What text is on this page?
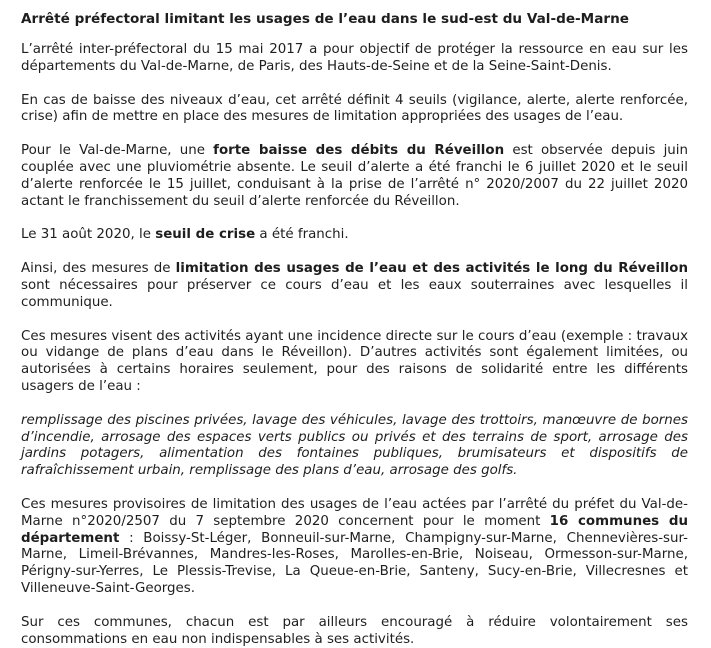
Arrêté préfectoral limitant les usages de l’eau dans le sud-est du Val-de-Marne

L’arrêté inter-préfectoral du 15 mai 2017 a pour objectif de protéger la ressource en eau sur les départements du Val-de-Marne, de Paris, des Hauts-de-Seine et de la Seine-Saint-Denis.

En cas de baisse des niveaux d’eau, cet arrêté définit 4 seuils (vigilance, alerte, alerte renforcée, crise) afin de mettre en place des mesures de limitation appropriées des usages de l’eau.

Pour le Val-de-Marne, une forte baisse des débits du Réveillon est observée depuis juin couplée avec une pluviométrie absente. Le seuil d’alerte a été franchi le 6 juillet 2020 et le seuil d’alerte renforcée le 15 juillet, conduisant à la prise de l’arrêté n° 2020/2007 du 22 juillet 2020 actant le franchissement du seuil d’alerte renforcée du Réveillon.

Le 31 août 2020, le seuil de crise a été franchi.

Ainsi, des mesures de limitation des usages de l’eau et des activités le long du Réveillon sont nécessaires pour préserver ce cours d’eau et les eaux souterraines avec lesquelles il communique.

Ces mesures visent des activités ayant une incidence directe sur le cours d’eau (exemple : travaux ou vidange de plans d’eau dans le Réveillon). D’autres activités sont également limitées, ou autorisées à certains horaires seulement, pour des raisons de solidarité entre les différents usagers de l’eau :

remplissage des piscines privées, lavage des véhicules, lavage des trottoirs, manœuvre de bornes d’incendie, arrosage des espaces verts publics ou privés et des terrains de sport, arrosage des jardins potagers, alimentation des fontaines publiques, brumisateurs et dispositifs de rafraîchissement urbain, remplissage des plans d’eau, arrosage des golfs.

Ces mesures provisoires de limitation des usages de l’eau actées par l’arrêté du préfet du Val-de-Marne n°2020/2507 du 7 septembre 2020 concernent pour le moment 16 communes du département : Boissy-St-Léger, Bonneuil-sur-Marne, Champigny-sur-Marne, Chennevières-sur-Marne, Limeil-Brévannes, Mandres-les-Roses, Marolles-en-Brie, Noiseau, Ormesson-sur-Marne, Périgny-sur-Yerres, Le Plessis-Trevise, La Queue-en-Brie, Santeny, Sucy-en-Brie, Villecresnes et Villeneuve-Saint-Georges.

Sur ces communes, chacun est par ailleurs encouragé à réduire volontairement ses consommations en eau non indispensables à ses activités.
